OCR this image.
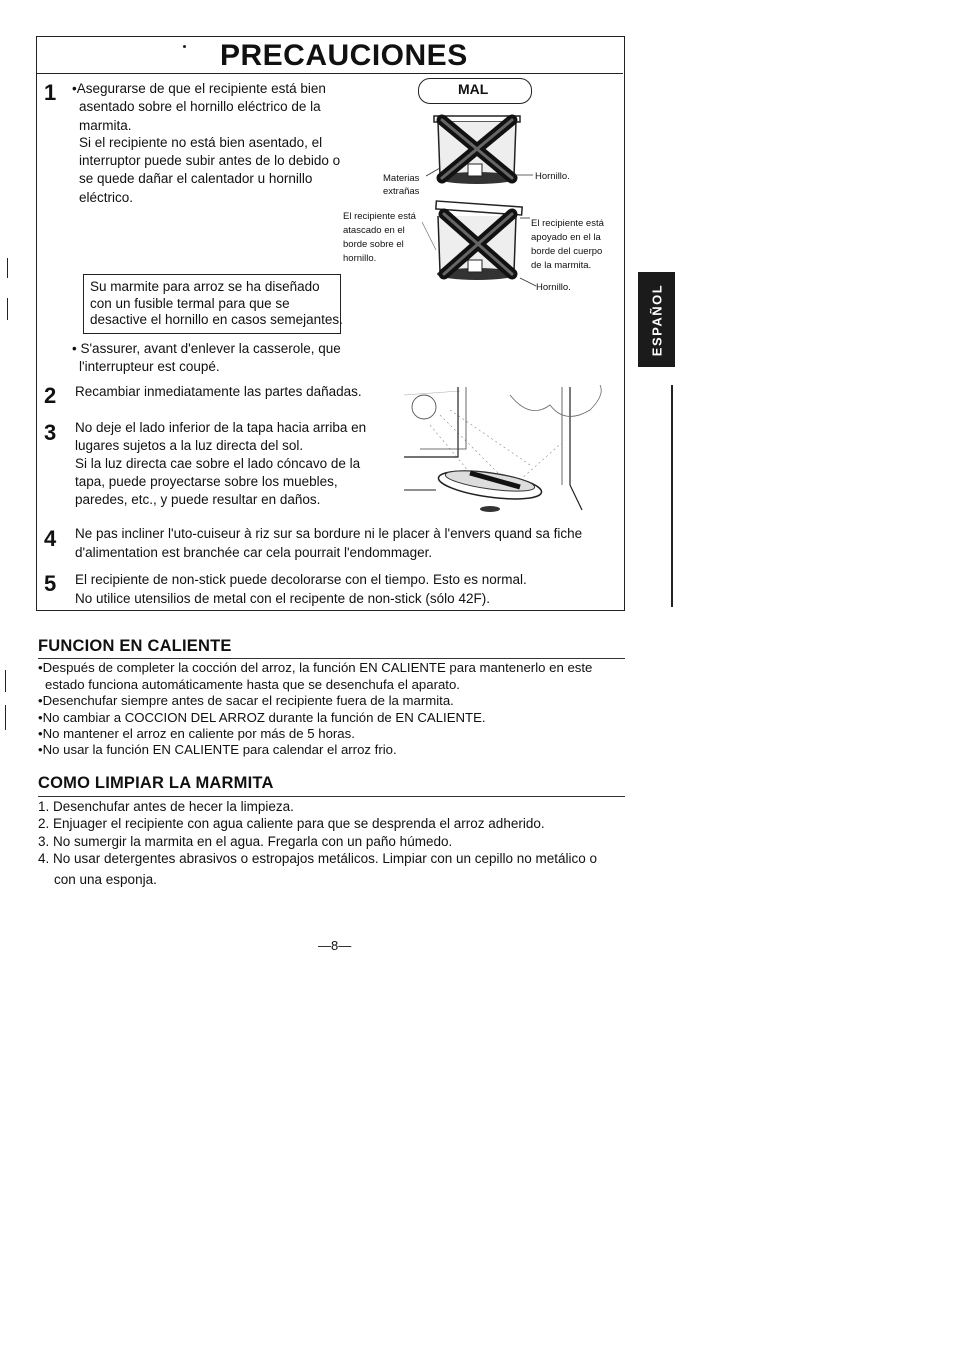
PRECAUCIONES
ESPAÑOL
1 •Asegurarse de que el recipiente está bien
asentado sobre el hornillo eléctrico de la
marmita.
Si el recipiente no está bien asentado, el
interruptor puede subir antes de lo debido o
se quede dañar el calentador u hornillo
eléctrico.
Su marmite para arroz se ha diseñado
con un fusible termal para que se
desactive el hornillo en casos semejantes.
• S'assurer, avant d'enlever la casserole, que
l'interrupteur est coupé.
MAL
Materias
extrañas
Hornillo.
El recipiente está
atascado en el
borde sobre el
hornillo.
El recipiente está
apoyado en el la
borde del cuerpo
de la marmita.
Hornillo.
2 Recambiar inmediatamente las partes dañadas.
3 No deje el lado inferior de la tapa hacia arriba en
lugares sujetos a la luz directa del sol.
Si la luz directa cae sobre el lado cóncavo de la
tapa, puede proyectarse sobre los muebles,
paredes, etc., y puede resultar en daños.
4 Ne pas incliner l'uto-cuiseur à riz sur sa bordure ni le placer à l'envers quand sa fiche
d'alimentation est branchée car cela pourrait l'endommager.
5 El recipiente de non-stick puede decolorarse con el tiempo. Esto es normal.
No utilice utensilios de metal con el recipente de non-stick (sólo 42F).
FUNCION EN CALIENTE
•Después de completer la cocción del arroz, la función EN CALIENTE para mantenerlo en este
estado funciona automáticamente hasta que se desenchufa el aparato.
•Desenchufar siempre antes de sacar el recipiente fuera de la marmita.
•No cambiar a COCCION DEL ARROZ durante la función de EN CALIENTE.
•No mantener el arroz en caliente por más de 5 horas.
•No usar la función EN CALIENTE para calendar el arroz frio.
COMO LIMPIAR LA MARMITA
1. Desenchufar antes de hecer la limpieza.
2. Enjuager el recipiente con agua caliente para que se desprenda el arroz adherido.
3. No sumergir la marmita en el agua. Fregarla con un paño húmedo.
4. No usar detergentes abrasivos o estropajos metálicos. Limpiar con un cepillo no metálico o
con una esponja.
—8—
